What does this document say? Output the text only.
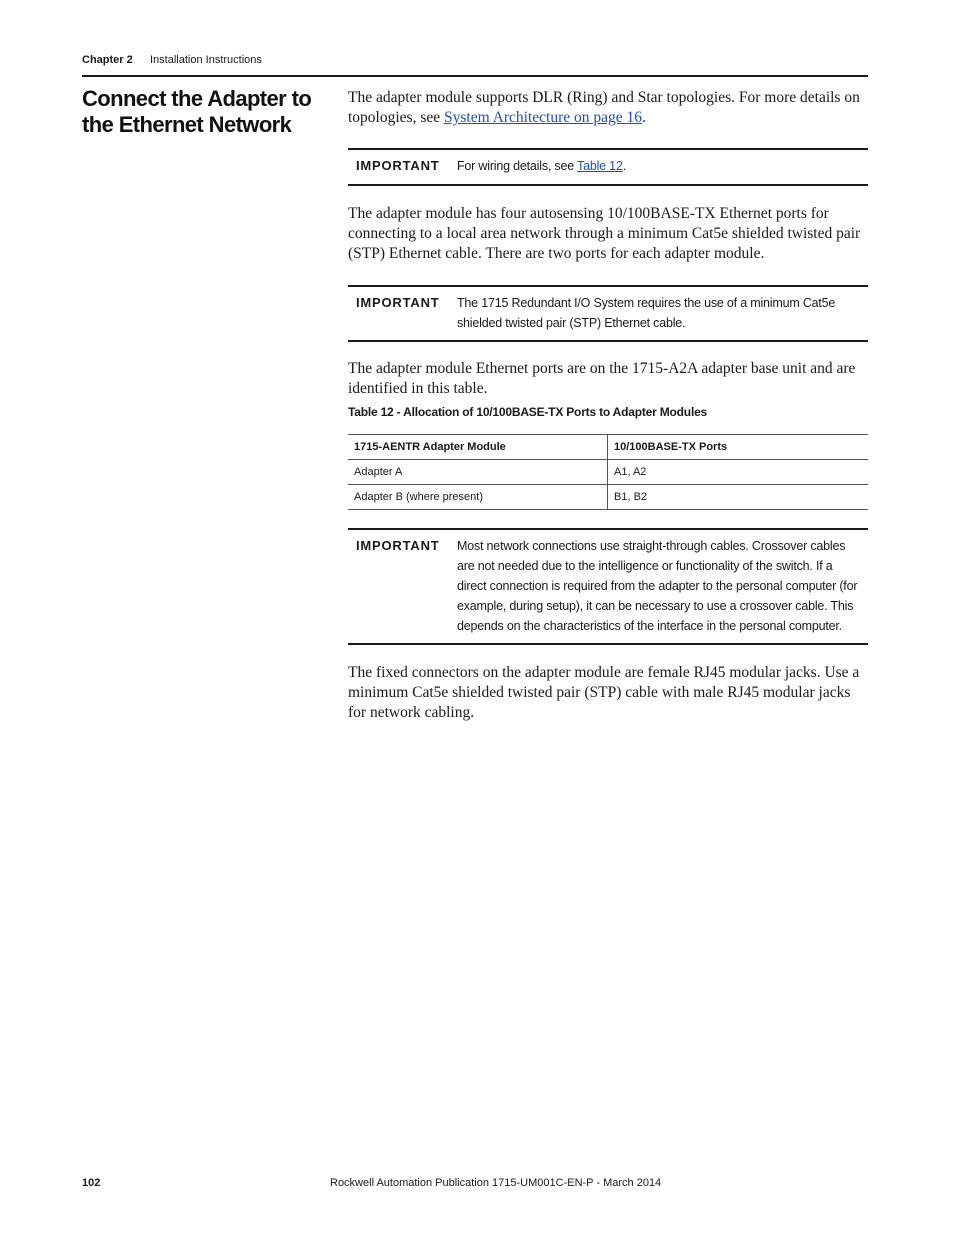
Chapter 2 Installation Instructions
Connect the Adapter to the Ethernet Network

The adapter module supports DLR (Ring) and Star topologies. For more details on topologies, see System Architecture on page 16.

IMPORTANT For wiring details, see Table 12.

The adapter module has four autosensing 10/100BASE-TX Ethernet ports for connecting to a local area network through a minimum Cat5e shielded twisted pair (STP) Ethernet cable. There are two ports for each adapter module.

IMPORTANT The 1715 Redundant I/O System requires the use of a minimum Cat5e shielded twisted pair (STP) Ethernet cable.

The adapter module Ethernet ports are on the 1715-A2A adapter base unit and are identified in this table.

Table 12 - Allocation of 10/100BASE-TX Ports to Adapter Modules
1715-AENTR Adapter Module	10/100BASE-TX Ports
Adapter A	A1, A2
Adapter B (where present)	B1, B2
IMPORTANT Most network connections use straight-through cables. Crossover cables are not needed due to the intelligence or functionality of the switch. If a direct connection is required from the adapter to the personal computer (for example, during setup), it can be necessary to use a crossover cable. This depends on the characteristics of the interface in the personal computer.

The fixed connectors on the adapter module are female RJ45 modular jacks. Use a minimum Cat5e shielded twisted pair (STP) cable with male RJ45 modular jacks for network cabling.

102	Rockwell Automation Publication 1715-UM001C-EN-P - March 2014
